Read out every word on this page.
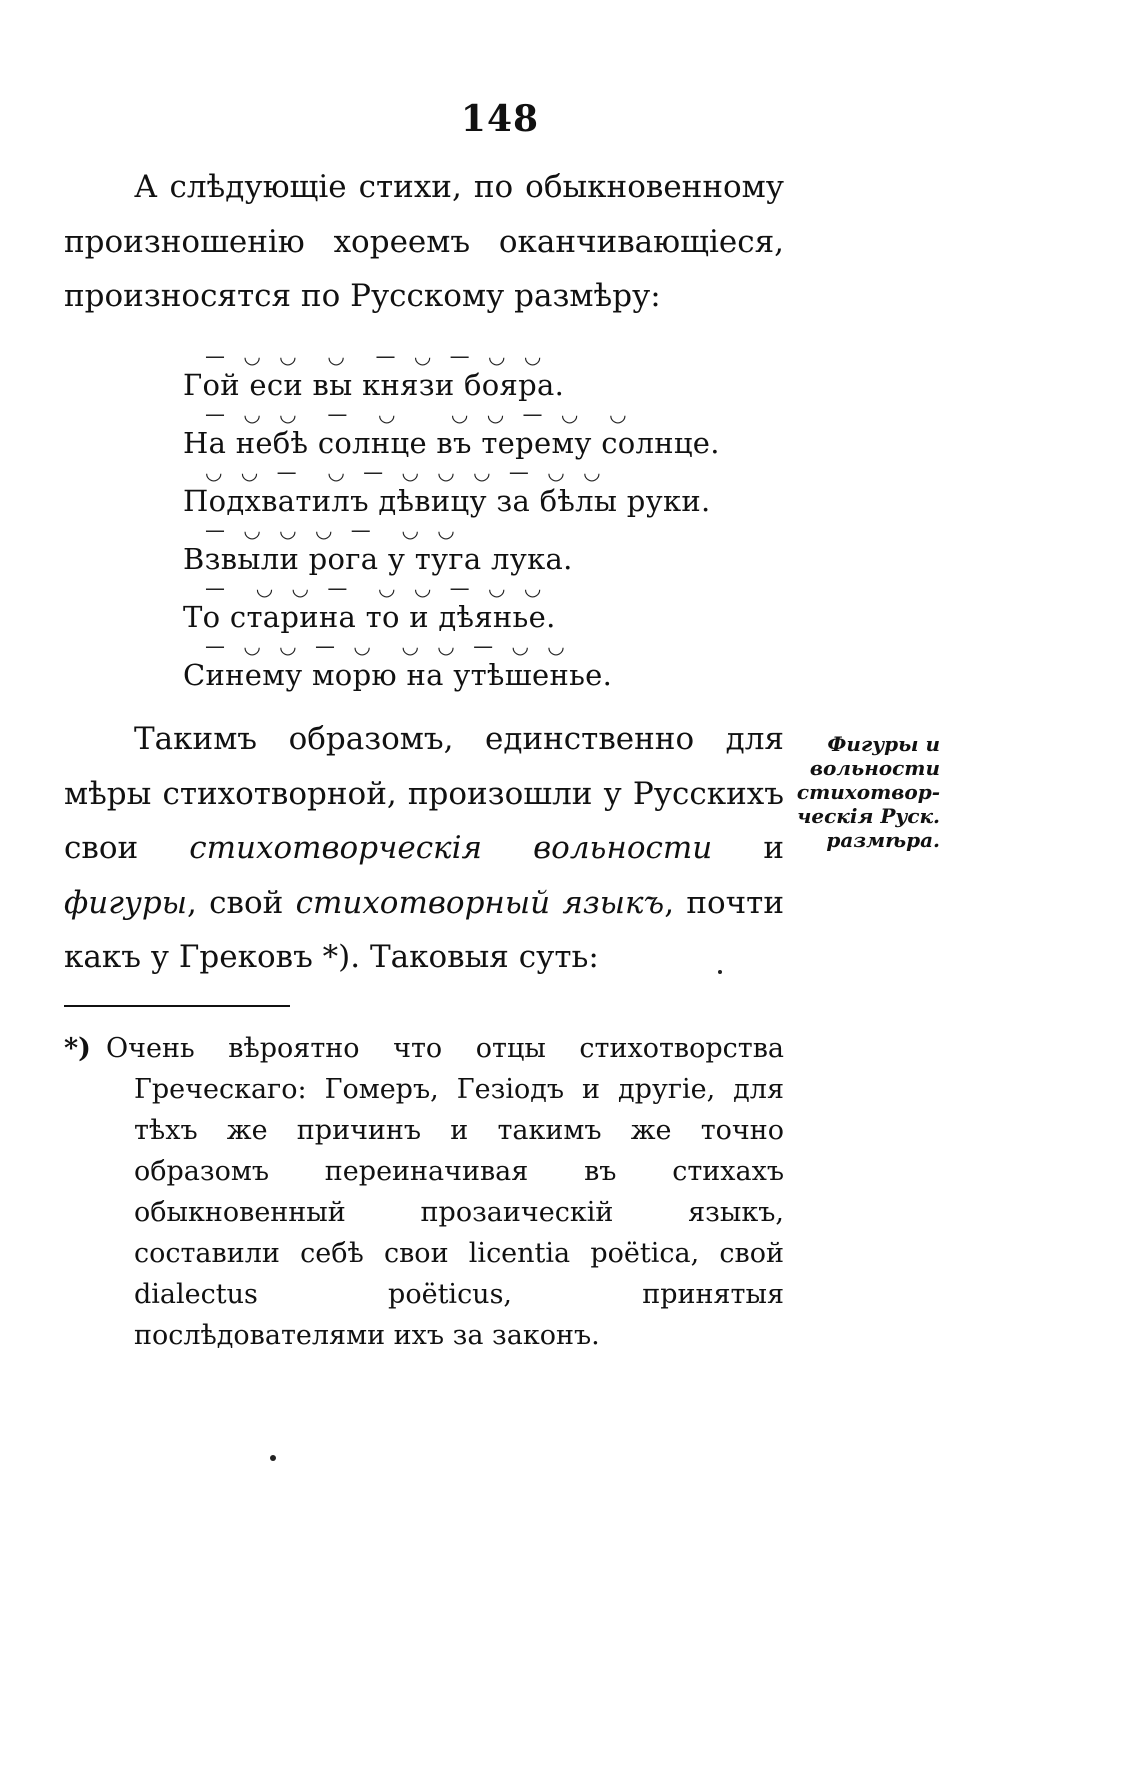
148

А слѣдующіе стихи, по обыкновенному произношенію хореемъ оканчивающіеся, произносятся по Русскому размѣру:

— ◡ ◡  ◡  — ◡ — ◡ ◡
Гой еси вы князи бояра.
— ◡ ◡  —  ◡    ◡ ◡ — ◡  ◡
На небѣ солнце въ терему солнце.
◡ ◡ —  ◡ — ◡ ◡ ◡ — ◡ ◡
Подхватилъ дѣвицу за бѣлы руки.
— ◡ ◡ ◡ —  ◡ ◡
Взвыли рога у туга лука.
—  ◡ ◡ —  ◡ ◡ — ◡ ◡
То старина то и дѣянье.
— ◡ ◡ — ◡  ◡ ◡ — ◡ ◡
Синему морю на утѣшенье.

Такимъ образомъ, единственно для мѣры стихотворной, произошли у Русскихъ свои стихотворческія вольности и фигуры, свой стихотворный языкъ, почти какъ у Грековъ *). Таковыя суть:

Фигуры и
вольности
стихотвор-
ческія Руск.
размѣра.
*) Очень вѣроятно что отцы стихотворства Греческаго: Гомеръ, Гезіодъ и другіе, для тѣхъ же причинъ и такимъ же точно образомъ переиначивая въ стихахъ обыкновенный прозаическій языкъ, составили себѣ свои licentia poëtica, свой dialectus poëticus, принятыя послѣдователями ихъ за законъ.
